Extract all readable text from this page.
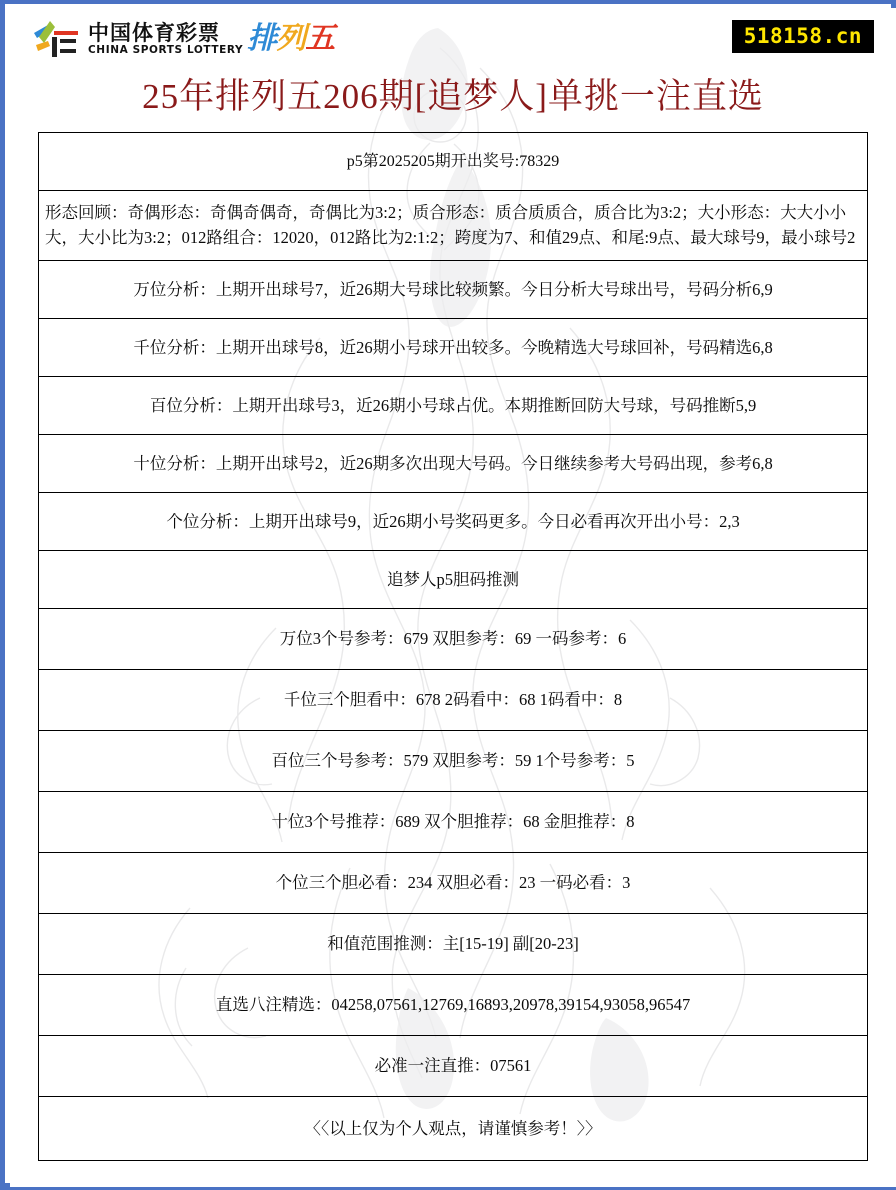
中国体育彩票
CHINA SPORTS LOTTERY 排列五	518158.cn
25年排列五206期[追梦人]单挑一注直选
p5第2025205期开出奖号:78329

形态回顾：奇偶形态：奇偶奇偶奇，奇偶比为3:2；质合形态：质合质质合，质合比为3:2；大小形态：大大小小大，大小比为3:2；012路组合：12020，012路比为2:1:2；跨度为7、和值29点、和尾:9点、最大球号9，最小球号2

万位分析：上期开出球号7，近26期大号球比较频繁。今日分析大号球出号，号码分析6,9

千位分析：上期开出球号8，近26期小号球开出较多。今晚精选大号球回补，号码精选6,8

百位分析：上期开出球号3，近26期小号球占优。本期推断回防大号球，号码推断5,9

十位分析：上期开出球号2，近26期多次出现大号码。今日继续参考大号码出现，参考6,8

个位分析：上期开出球号9，近26期小号奖码更多。今日必看再次开出小号：2,3

追梦人p5胆码推测

万位3个号参考：679 双胆参考：69 一码参考：6

千位三个胆看中：678 2码看中：68 1码看中：8

百位三个号参考：579 双胆参考：59 1个号参考：5

十位3个号推荐：689 双个胆推荐：68 金胆推荐：8

个位三个胆必看：234 双胆必看：23 一码必看：3

和值范围推测：主[15-19] 副[20-23]

直选八注精选：04258,07561,12769,16893,20978,39154,93058,96547

必准一注直推：07561

〈〈以上仅为个人观点，请谨慎参考！〉〉
